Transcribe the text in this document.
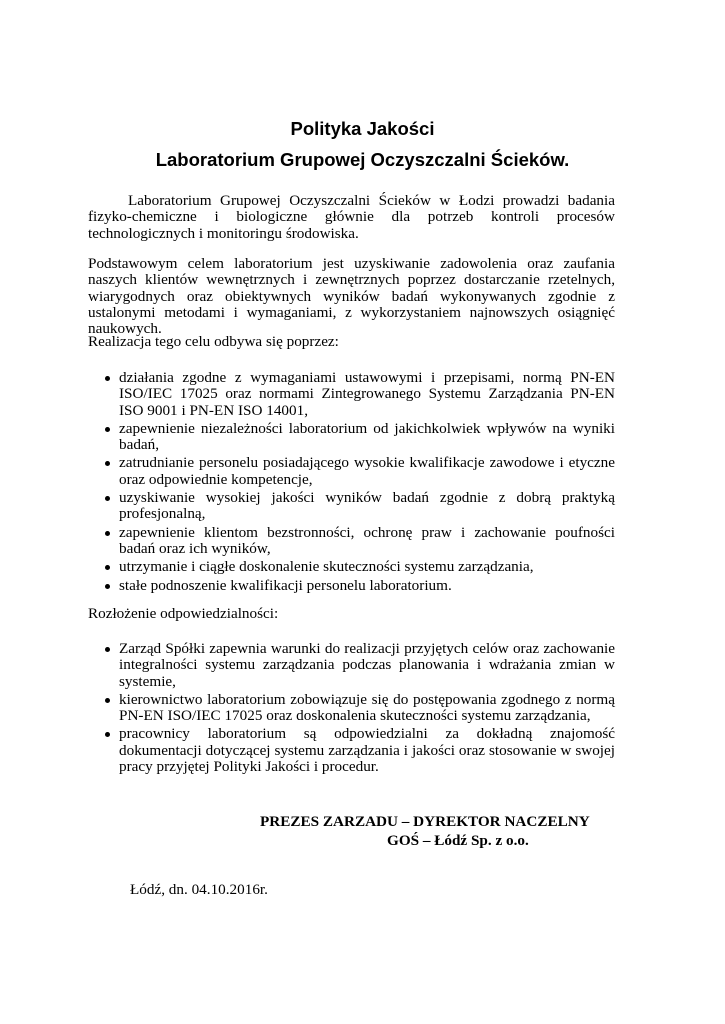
Polityka Jakości
Laboratorium Grupowej Oczyszczalni Ścieków.

Laboratorium Grupowej Oczyszczalni Ścieków w Łodzi prowadzi badania fizyko-chemiczne i biologiczne głównie dla potrzeb kontroli procesów technologicznych i monitoringu środowiska.

Podstawowym celem laboratorium jest uzyskiwanie zadowolenia oraz zaufania naszych klientów wewnętrznych i zewnętrznych poprzez dostarczanie rzetelnych, wiarygodnych oraz obiektywnych wyników badań wykonywanych zgodnie z ustalonymi metodami i wymaganiami, z wykorzystaniem najnowszych osiągnięć naukowych.

Realizacja tego celu odbywa się poprzez:

działania zgodne z wymaganiami ustawowymi i przepisami, normą PN-EN ISO/IEC 17025 oraz normami Zintegrowanego Systemu Zarządzania PN-EN ISO 9001 i PN-EN ISO 14001,
zapewnienie niezależności laboratorium od jakichkolwiek wpływów na wyniki badań,
zatrudnianie personelu posiadającego wysokie kwalifikacje zawodowe i etyczne oraz odpowiednie kompetencje,
uzyskiwanie wysokiej jakości wyników badań zgodnie z dobrą praktyką profesjonalną,
zapewnienie klientom bezstronności, ochronę praw i zachowanie poufności badań oraz ich wyników,
utrzymanie i ciągłe doskonalenie skuteczności systemu zarządzania,
stałe podnoszenie kwalifikacji personelu laboratorium.

Rozłożenie odpowiedzialności:

Zarząd Spółki zapewnia warunki do realizacji przyjętych celów oraz zachowanie integralności systemu zarządzania podczas planowania i wdrażania zmian w systemie,
kierownictwo laboratorium zobowiązuje się do postępowania zgodnego z normą PN-EN ISO/IEC 17025 oraz doskonalenia skuteczności systemu zarządzania,
pracownicy laboratorium są odpowiedzialni za dokładną znajomość dokumentacji dotyczącej systemu zarządzania i jakości oraz stosowanie w swojej pracy przyjętej Polityki Jakości i procedur.
PREZES ZARZADU – DYREKTOR NACZELNY
GOŚ – Łódź Sp. z o.o.
Łódź, dn. 04.10.2016r.
